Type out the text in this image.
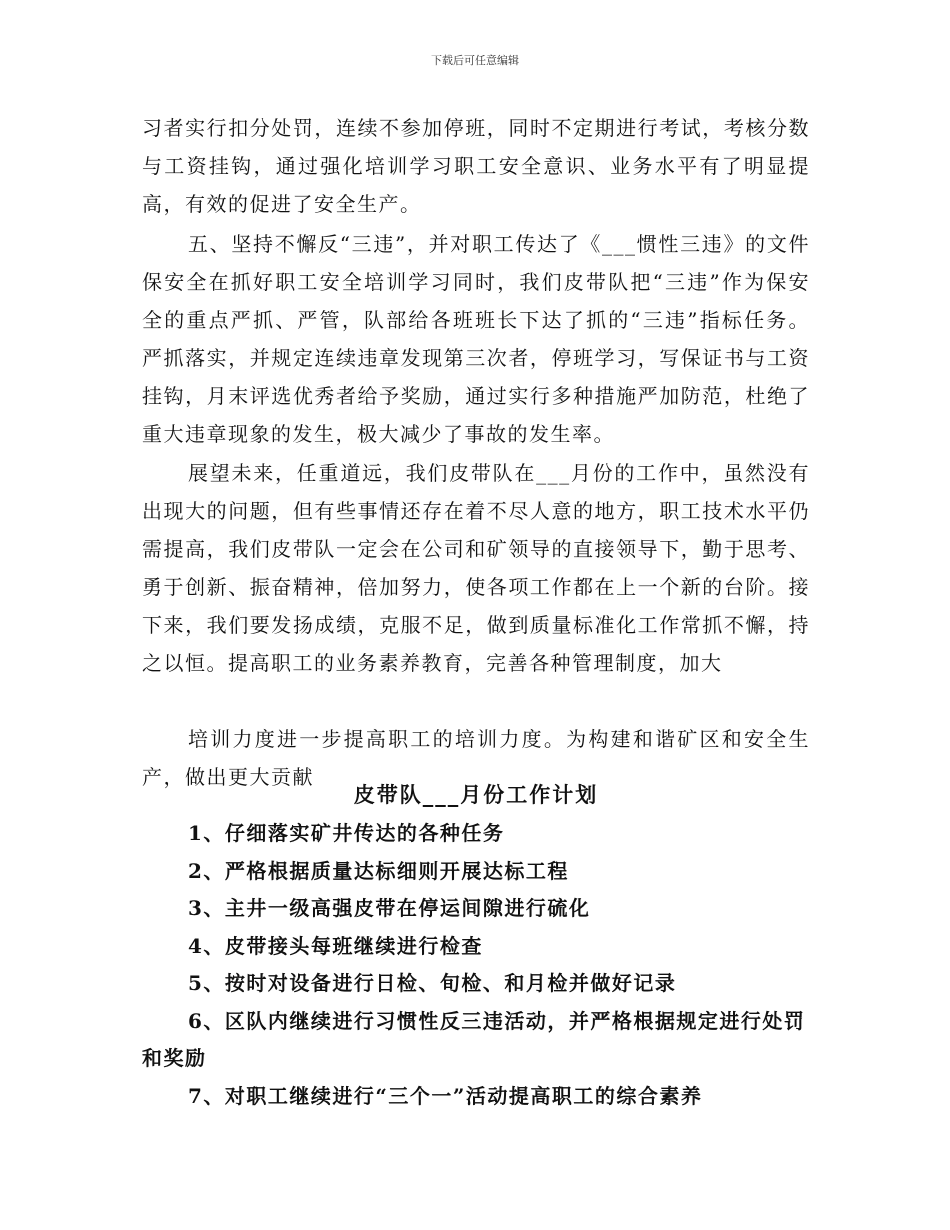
下载后可任意编辑

习者实行扣分处罚，连续不参加停班，同时不定期进行考试，考核分数与工资挂钩，通过强化培训学习职工安全意识、业务水平有了明显提高，有效的促进了安全生产。

五、坚持不懈反“三违”，并对职工传达了《___惯性三违》的文件保安全在抓好职工安全培训学习同时，我们皮带队把“三违”作为保安全的重点严抓、严管，队部给各班班长下达了抓的“三违”指标任务。严抓落实，并规定连续违章发现第三次者，停班学习，写保证书与工资挂钩，月末评选优秀者给予奖励，通过实行多种措施严加防范，杜绝了重大违章现象的发生，极大减少了事故的发生率。

展望未来，任重道远，我们皮带队在___月份的工作中，虽然没有出现大的问题，但有些事情还存在着不尽人意的地方，职工技术水平仍需提高，我们皮带队一定会在公司和矿领导的直接领导下，勤于思考、勇于创新、振奋精神，倍加努力，使各项工作都在上一个新的台阶。接下来，我们要发扬成绩，克服不足，做到质量标准化工作常抓不懈，持之以恒。提高职工的业务素养教育，完善各种管理制度，加大

培训力度进一步提高职工的培训力度。为构建和谐矿区和安全生产，做出更大贡献

皮带队___月份工作计划
1、仔细落实矿井传达的各种任务
2、严格根据质量达标细则开展达标工程
3、主井一级高强皮带在停运间隙进行硫化
4、皮带接头每班继续进行检查
5、按时对设备进行日检、旬检、和月检并做好记录
6、区队内继续进行习惯性反三违活动，并严格根据规定进行处罚和奖励
7、对职工继续进行“三个一”活动提高职工的综合素养
